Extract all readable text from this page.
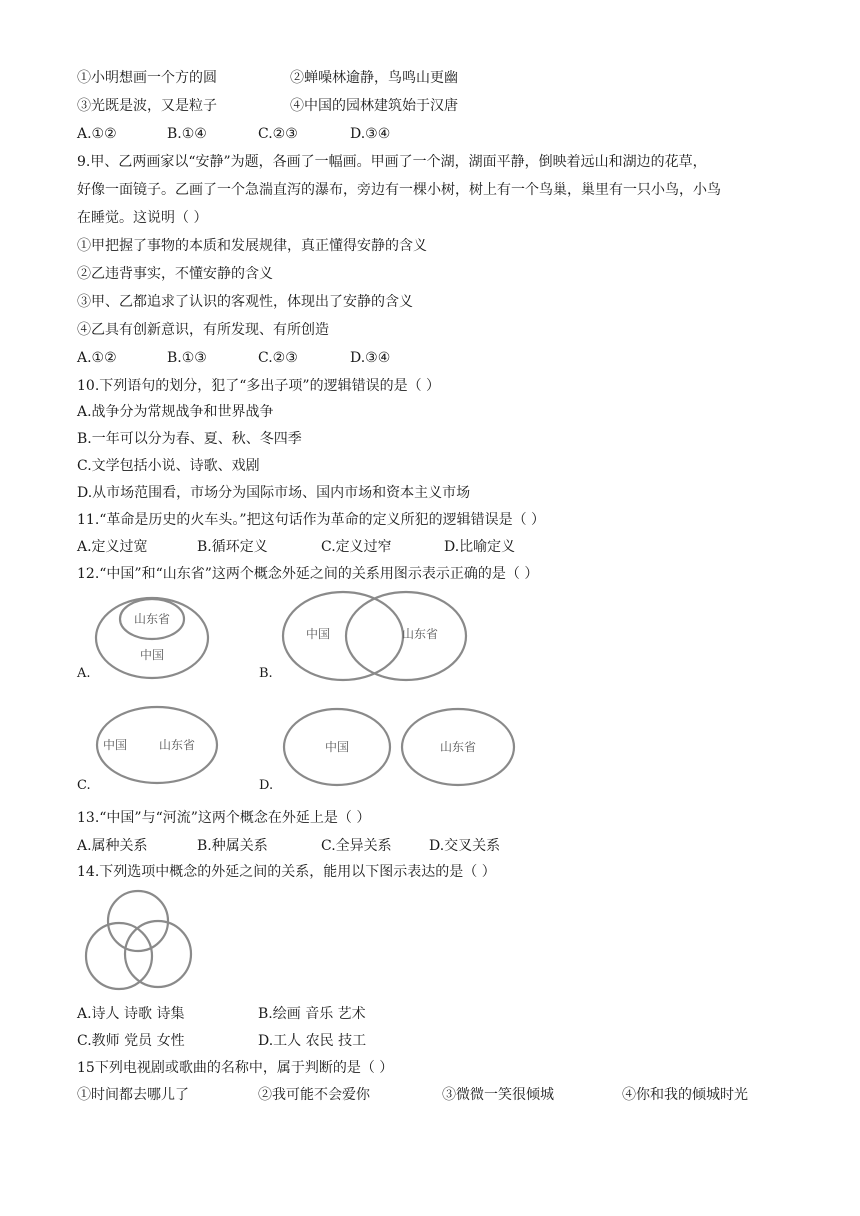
①小明想画一个方的圆	②蝉噪林逾静，鸟鸣山更幽
③光既是波，又是粒子	④中国的园林建筑始于汉唐
A.①②	B.①④	C.②③	D.③④
9.甲、乙两画家以“安静”为题，各画了一幅画。甲画了一个湖，湖面平静，倒映着远山和湖边的花草，
好像一面镜子。乙画了一个急湍直泻的瀑布，旁边有一棵小树，树上有一个鸟巢，巢里有一只小鸟，小鸟
在睡觉。这说明（ ）
①甲把握了事物的本质和发展规律，真正懂得安静的含义
②乙违背事实，不懂安静的含义
③甲、乙都追求了认识的客观性，体现出了安静的含义
④乙具有创新意识，有所发现、有所创造
A.①②	B.①③	C.②③	D.③④
10.下列语句的划分，犯了“多出子项”的逻辑错误的是（ ）
A.战争分为常规战争和世界战争
B.一年可以分为春、夏、秋、冬四季
C.文学包括小说、诗歌、戏剧
D.从市场范围看，市场分为国际市场、国内市场和资本主义市场
11.“革命是历史的火车头。”把这句话作为革命的定义所犯的逻辑错误是（ ）
A.定义过宽	B.循环定义	C.定义过窄	D.比喻定义
12.“中国”和“山东省”这两个概念外延之间的关系用图示表示正确的是（ ）
山东省
中国
A.
中国	山东省
B.
中国	山东省
C.
中国	山东省
D.
13.“中国”与“河流”这两个概念在外延上是（ ）
A.属种关系	B.种属关系	C.全异关系	D.交叉关系
14.下列选项中概念的外延之间的关系，能用以下图示表达的是（ ）
A.诗人 诗歌 诗集	B.绘画 音乐 艺术
C.教师 党员 女性	D.工人 农民 技工
15下列电视剧或歌曲的名称中，属于判断的是（ ）
①时间都去哪儿了	②我可能不会爱你	③微微一笑很倾城	④你和我的倾城时光
